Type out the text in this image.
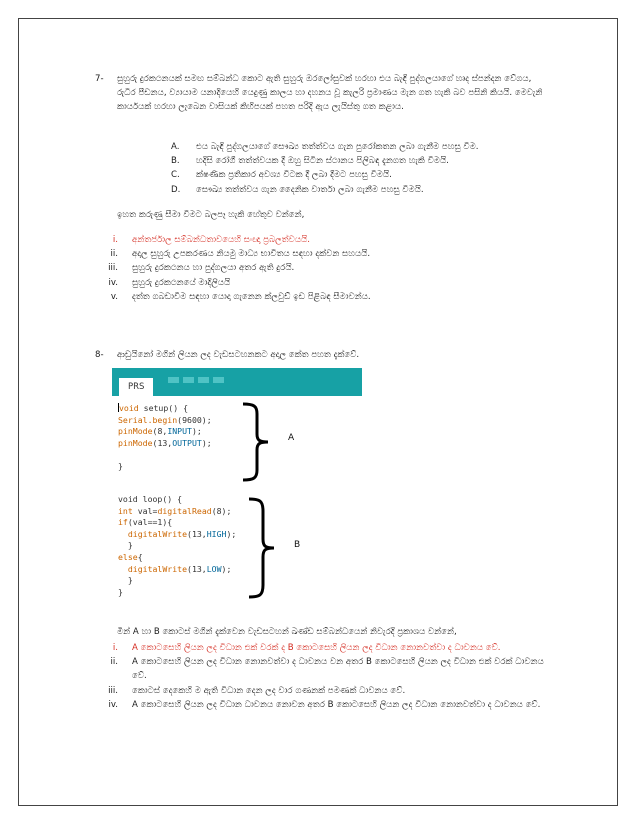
7- සුහුරු දුරකථනයක් සමඟ සම්බන්ධ කොට ඇති සුහුරු ඔරලෝසුවක් හරහා එය බැඳි පුද්ගලයාගේ හෘද ස්පන්දන වේගය, රුධිර පීඩනය, ව්‍යායාම යනාදියෙහි යෙදුණු කාලය හා දහනය වූ කැලරි ප්‍රමාණය මැන ගත හැකි බව පසිනි කියයි. මෙවැනි කාර්යයක් හරහා ලැබෙන වාසියක් කිහිපයක් පහත පරිදි ඇය ලැයිස්තු ගත කළාය.
A. එය බැඳි පුද්ගලයාගේ සෞඛ්‍ය තත්ත්වය ගැන පුරෝකතන ලබා ගැනීම පහසු වීම.
B. හදිසි රෝගී තත්ත්වයක දී ඔහු සිටින ස්ථානය පිලිබඳ දැනගත හැකි වීමයි.
C. ක්ෂණික ප්‍රතිකාර අවශ්‍ය විටක දී ලබා දීමට පහසු වීමයි.
D. සෞඛ්‍ය තත්ත්වය ගැන දෛනික වාර්තා ලබා ගැනීම පහසු වීමයි.
ඉහත කරුණු සීමා වීමට බලපෑ හැකි හේතුව වන්නේ,
i. අන්තර්ජාල සම්බන්ධතාවයෙහි සංඥා ප්‍රබලත්වයයි.
ii. අදාල සුහුරු උපකරණය නියමු මාධ්‍ය භාවිතය සඳහා දක්වන සහයයි.
iii. සුහුරු දුරකථනය හා පුද්ගලයා අතර ඇති දුරයි.
iv. සුහුරු දුරකථනයේ මාදිලියයි
v. දත්ත ගබඩාවීම සඳහා යොදා ගැනෙන ක්ලවුඩ් ඉඩ පිළිබඳ සීමාවන්ය.
8- ආඩුයිනෝ මගින් ලියන ලද වැඩසටහනකට අදාල කේත පහත දැක්වේ.
PRS
void setup() {
Serial.begin(9600);
pinMode(8,INPUT);
pinMode(13,OUTPUT);

}
void loop() {
int val=digitalRead(8);
if(val==1){
digitalWrite(13,HIGH);
}
else{
digitalWrite(13,LOW);
}
}
A
B
මින් A හා B කොටස් මගින් දැක්වෙන වැඩසටහන් ඛණ්ඩ සම්බන්ධයෙන් නිවැරදි ප්‍රකාශය වන්නේ,
i. A කොටසෙහි ලියන ලද විධාන එක් වරක් ද B කොටසෙහි ලියන ලද විධාන නොනවත්වා ද ධාවනය වේ.
ii. A කොටසෙහි ලියන ලද විධාන නොනවත්වා ද ධාවනය වන අතර B කොටසෙහි ලියන ලද විධාන එක් වරක් ධාවනය වේ.
iii. කොටස් දෙකෙහි ම ඇති විධාන දෙන ලද වාර ගණනක් පමණක් ධාවනය වේ.
iv. A කොටසෙහි ලියන ලද විධාන ධාවනය නොවන අතර B කොටසෙහි ලියන ලද විධාන නොනවත්වා ද ධාවනය වේ.
